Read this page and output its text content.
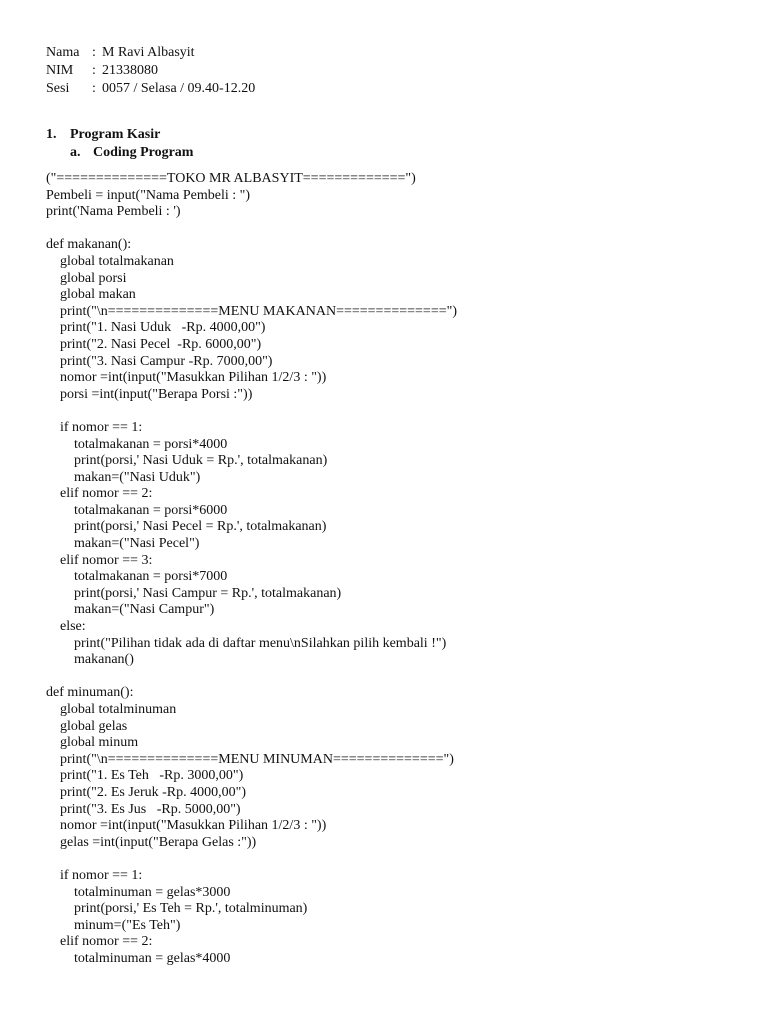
Nama : M Ravi Albasyit
NIM	: 21338080
Sesi	: 0057 / Selasa / 09.40-12.20
1. Program Kasir
a. Coding Program
("==============TOKO MR ALBASYIT=============")
Pembeli = input("Nama Pembeli : ")
print('Nama Pembeli : ')
def makanan():
global totalmakanan
global porsi
global makan
print("\n==============MENU MAKANAN==============")
print("1. Nasi Uduk   -Rp. 4000,00")
print("2. Nasi Pecel  -Rp. 6000,00")
print("3. Nasi Campur -Rp. 7000,00")
nomor =int(input("Masukkan Pilihan 1/2/3 : "))
porsi =int(input("Berapa Porsi :"))
if nomor == 1:
totalmakanan = porsi*4000
print(porsi,' Nasi Uduk = Rp.', totalmakanan)
makan=("Nasi Uduk")
elif nomor == 2:
totalmakanan = porsi*6000
print(porsi,' Nasi Pecel = Rp.', totalmakanan)
makan=("Nasi Pecel")
elif nomor == 3:
totalmakanan = porsi*7000
print(porsi,' Nasi Campur = Rp.', totalmakanan)
makan=("Nasi Campur")
else:
print("Pilihan tidak ada di daftar menu\nSilahkan pilih kembali !")
makanan()
def minuman():
global totalminuman
global gelas
global minum
print("\n==============MENU MINUMAN==============")
print("1. Es Teh   -Rp. 3000,00")
print("2. Es Jeruk -Rp. 4000,00")
print("3. Es Jus   -Rp. 5000,00")
nomor =int(input("Masukkan Pilihan 1/2/3 : "))
gelas =int(input("Berapa Gelas :"))
if nomor == 1:
totalminuman = gelas*3000
print(porsi,' Es Teh = Rp.', totalminuman)
minum=("Es Teh")
elif nomor == 2:
totalminuman = gelas*4000
